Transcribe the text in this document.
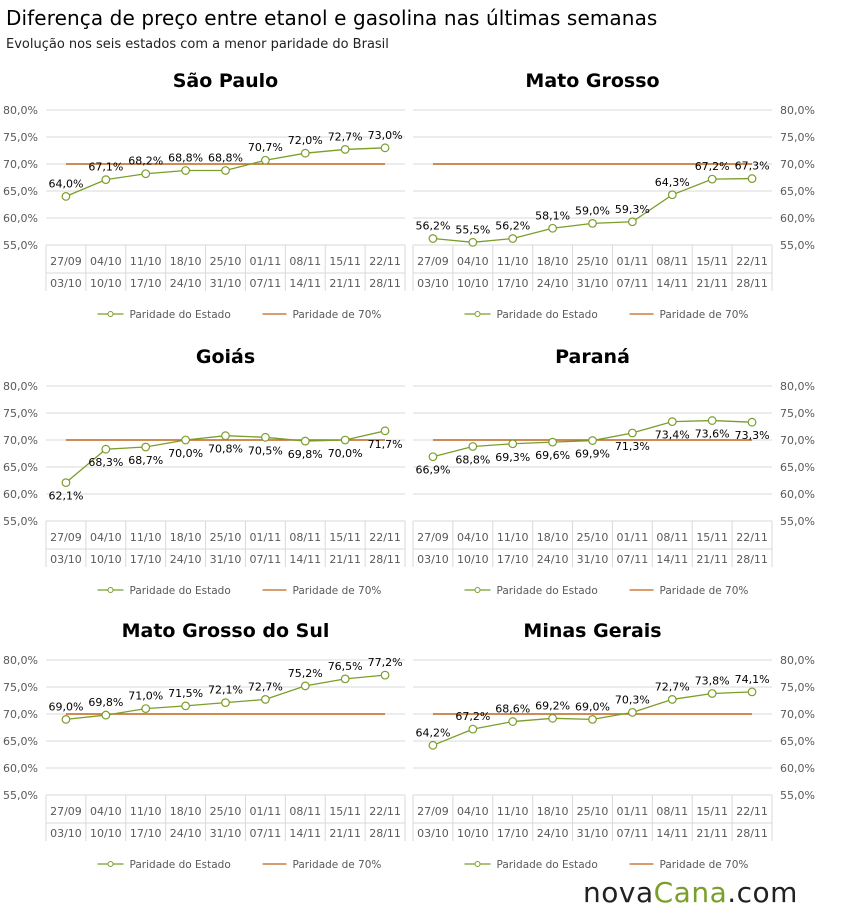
Diferença de preço entre etanol e gasolina nas últimas semanas
Evolução nos seis estados com a menor paridade do Brasil
São Paulo
55,0%
60,0%
65,0%
70,0%
75,0%
80,0%
27/09
03/10
04/10
10/10
11/10
17/10
18/10
24/10
25/10
31/10
01/11
07/11
08/11
14/11
15/11
21/11
22/11
28/11
64,0%
67,1% 68,2% 68,8% 68,8%
70,7%
72,0% 72,7% 73,0%
Paridade do Estado	Paridade de 70%
Mato Grosso
55,0%
60,0%
65,0%
70,0%
75,0%
80,0%
27/09
03/10
04/10
10/10
11/10
17/10
18/10
24/10
25/10
31/10
01/11
07/11
08/11
14/11
15/11
21/11
22/11
28/11
56,2% 55,5% 56,2%
58,1% 59,0% 59,3%
64,3%
67,2% 67,3%
Paridade do Estado	Paridade de 70%
Goiás
55,0%
60,0%
65,0%
70,0%
75,0%
80,0%
27/09
03/10
04/10
10/10
11/10
17/10
18/10
24/10
25/10
31/10
01/11
07/11
08/11
14/11
15/11
21/11
22/11
28/11
62,1%
68,3% 68,7%
70,0% 70,8% 70,5% 69,8% 70,0%
71,7%
Paridade do Estado	Paridade de 70%
Paraná
55,0%
60,0%
65,0%
70,0%
75,0%
80,0%
27/09
03/10
04/10
10/10
11/10
17/10
18/10
24/10
25/10
31/10
01/11
07/11
08/11
14/11
15/11
21/11
22/11
28/11
66,9%
68,8% 69,3% 69,6% 69,9%
71,3%
73,4% 73,6% 73,3%
Paridade do Estado	Paridade de 70%
Mato Grosso do Sul
55,0%
60,0%
65,0%
70,0%
75,0%
80,0%
27/09
03/10
04/10
10/10
11/10
17/10
18/10
24/10
25/10
31/10
01/11
07/11
08/11
14/11
15/11
21/11
22/11
28/11
69,0% 69,8% 71,0% 71,5% 72,1% 72,7%
75,2%
76,5% 77,2%
Paridade do Estado	Paridade de 70%
Minas Gerais
55,0%
60,0%
65,0%
70,0%
75,0%
80,0%
27/09
03/10
04/10
10/10
11/10
17/10
18/10
24/10
25/10
31/10
01/11
07/11
08/11
14/11
15/11
21/11
22/11
28/11
64,2%
67,2%
68,6% 69,2% 69,0%
70,3%
72,7% 73,8% 74,1%
Paridade do Estado	Paridade de 70%
novaCana.com
